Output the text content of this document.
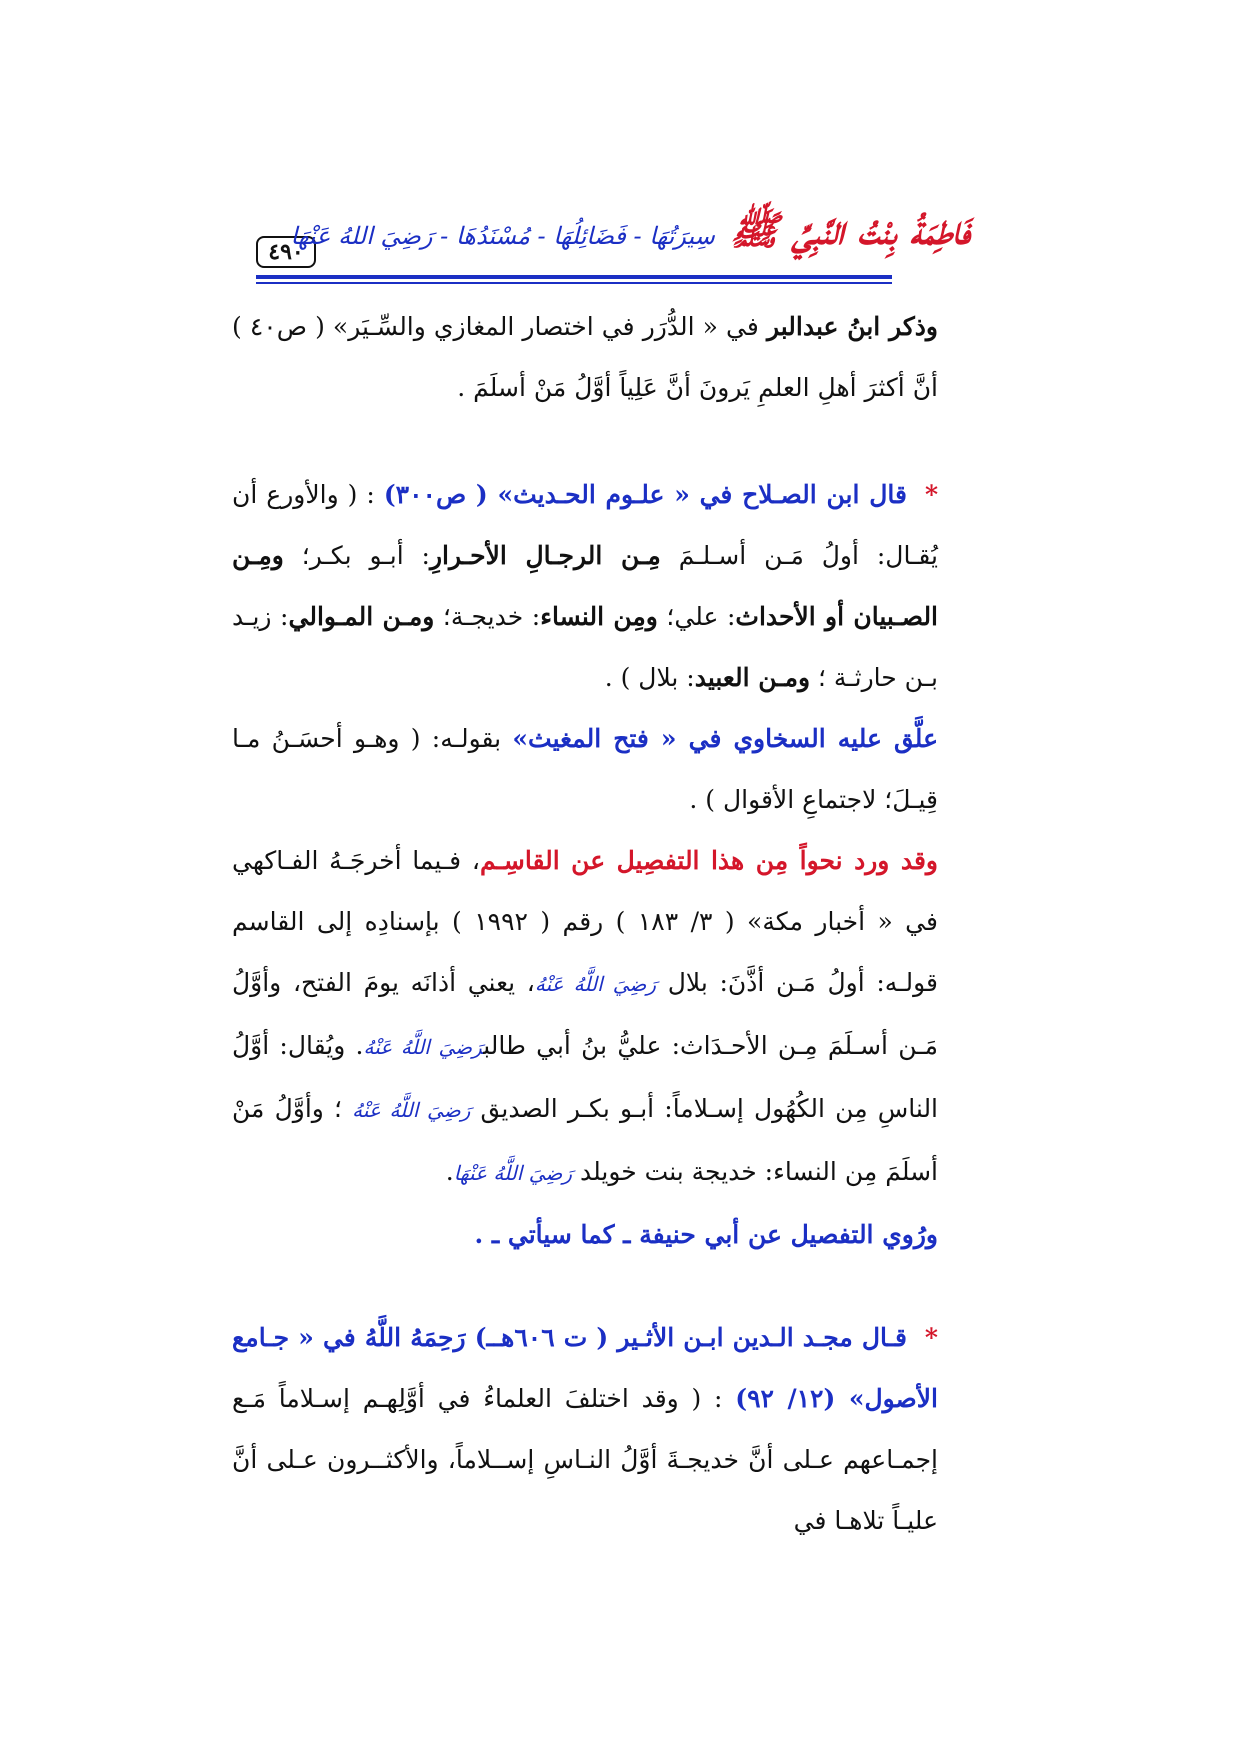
٤٩٠	فَاطِمَةُ بِنْتُ النَّبِيِّ ﷺ سِيرَتُهَا - فَضَائِلُهَا - مُسْنَدُهَا - رَضِيَ اللهُ عَنْهَا

وذكر ابنُ عبدالبر في « الدُّرَر في اختصار المغازي والسِّـيَر» ( ص٤٠ ) أنَّ أكثرَ أهلِ العلمِ يَرونَ أنَّ عَلِياً أوَّلُ مَنْ أسلَمَ .

*قال ابن الصـلاح في « علـوم الحـديث» ( ص٣٠٠) : ( والأورع أن يُقـال: أولُ مَـن أسـلـمَ مِـن الرجـالِ الأحـرارِ: أبـو بكـر؛ ومِـن الصـبيان أو الأحداث: علي؛ ومِن النساء: خديجـة؛ ومـن المـوالي: زيـد بـن حارثـة ؛ ومـن العبيد: بلال ) .

علَّق عليه السخاوي في « فتح المغيث» بقولـه: ( وهـو أحسَـنُ مـا قِيـلَ؛ لاجتماعِ الأقوال ) .

وقد ورد نحواً مِن هذا التفصِيل عن القاسِـم، فـيما أخرجَـهُ الفـاكهي في « أخبار مكة» ( ٣/ ١٨٣ ) رقم ( ١٩٩٢ ) بإسنادِه إلى القاسم قولـه: أولُ مَـن أذَّنَ: بلال رَضِيَ اللَّهُ عَنْهُ، يعني أذانَه يومَ الفتح، وأوَّلُ مَـن أسـلَمَ مِـن الأحـدَاث: عليُّ بنُ أبي طالبرَضِيَ اللَّهُ عَنْهُ. ويُقال: أوَّلُ الناسِ مِن الكُهُول إسـلاماً: أبـو بكـر الصديق رَضِيَ اللَّهُ عَنْهُ ؛ وأوَّلُ مَنْ أسلَمَ مِن النساء: خديجة بنت خويلد رَضِيَ اللَّهُ عَنْهَا.

ورُوي التفصيل عن أبي حنيفة ـ كما سيأتي ـ .

*قـال مجـد الـدين ابـن الأثـير ( ت ٦٠٦هــ) رَحِمَهُ اللَّهُ في « جـامع الأصول» (١٢/ ٩٢) : ( وقد اختلفَ العلماءُ في أوَّلِهـم إسـلاماً مَـع إجمـاعهم عـلى أنَّ خديجـةَ أوَّلُ النـاسِ إســلاماً، والأكثــرون عـلى أنَّ عليـاً تلاهـا في
